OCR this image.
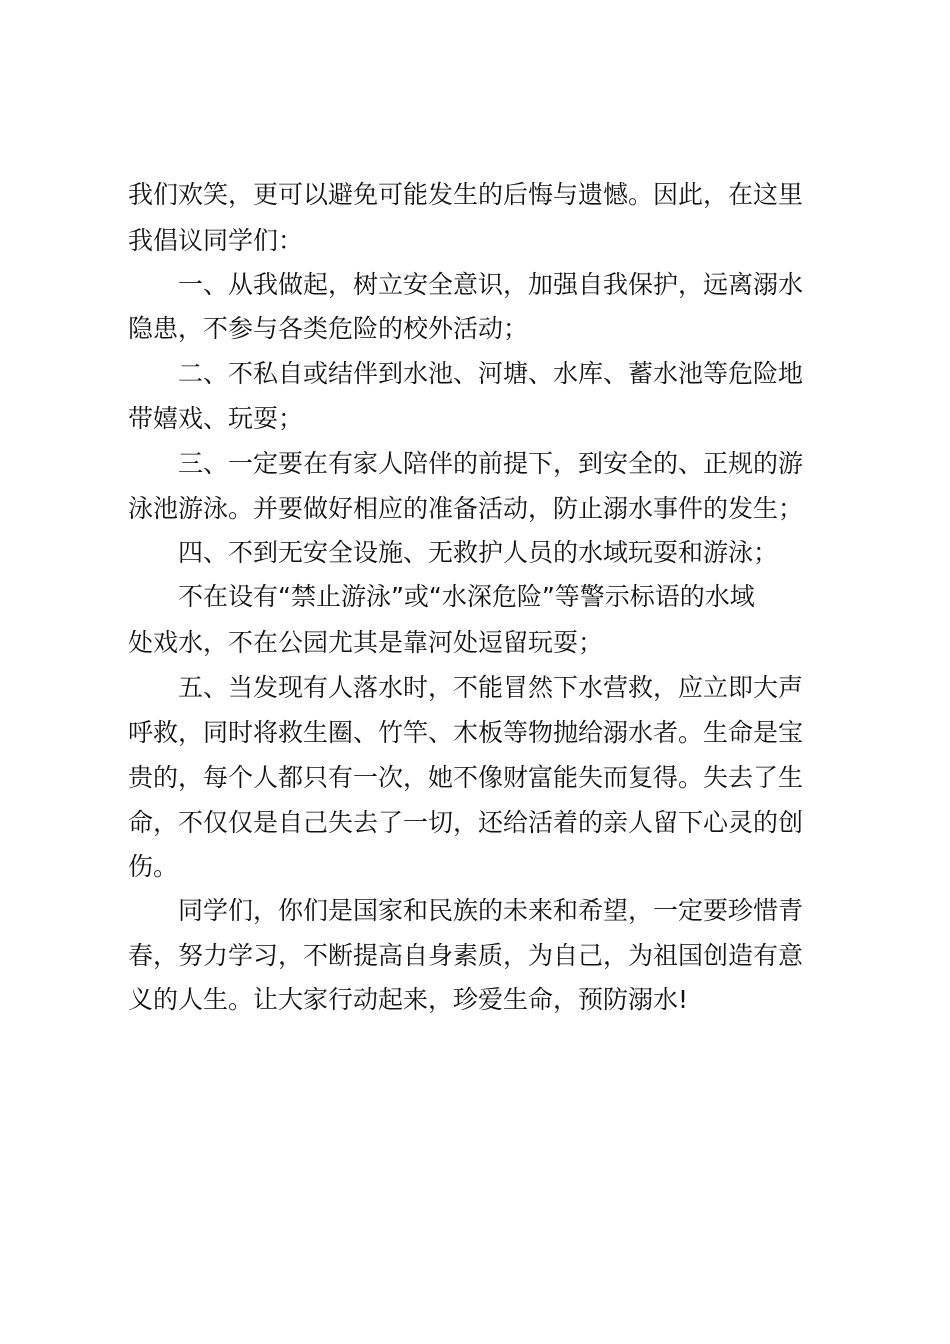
我们欢笑，更可以避免可能发生的后悔与遗憾。因此，在这里

我倡议同学们：

一、从我做起，树立安全意识，加强自我保护，远离溺水

隐患，不参与各类危险的校外活动；

二、不私自或结伴到水池、河塘、水库、蓄水池等危险地

带嬉戏、玩耍；

三、一定要在有家人陪伴的前提下，到安全的、正规的游

泳池游泳。并要做好相应的准备活动，防止溺水事件的发生；

四、不到无安全设施、无救护人员的水域玩耍和游泳；

不在设有“禁止游泳”或“水深危险”等警示标语的水域

处戏水，不在公园尤其是靠河处逗留玩耍；

五、当发现有人落水时，不能冒然下水营救，应立即大声

呼救，同时将救生圈、竹竿、木板等物抛给溺水者。生命是宝

贵的，每个人都只有一次，她不像财富能失而复得。失去了生

命，不仅仅是自己失去了一切，还给活着的亲人留下心灵的创

伤。

同学们，你们是国家和民族的未来和希望，一定要珍惜青

春，努力学习，不断提高自身素质，为自己，为祖国创造有意

义的人生。让大家行动起来，珍爱生命，预防溺水!
